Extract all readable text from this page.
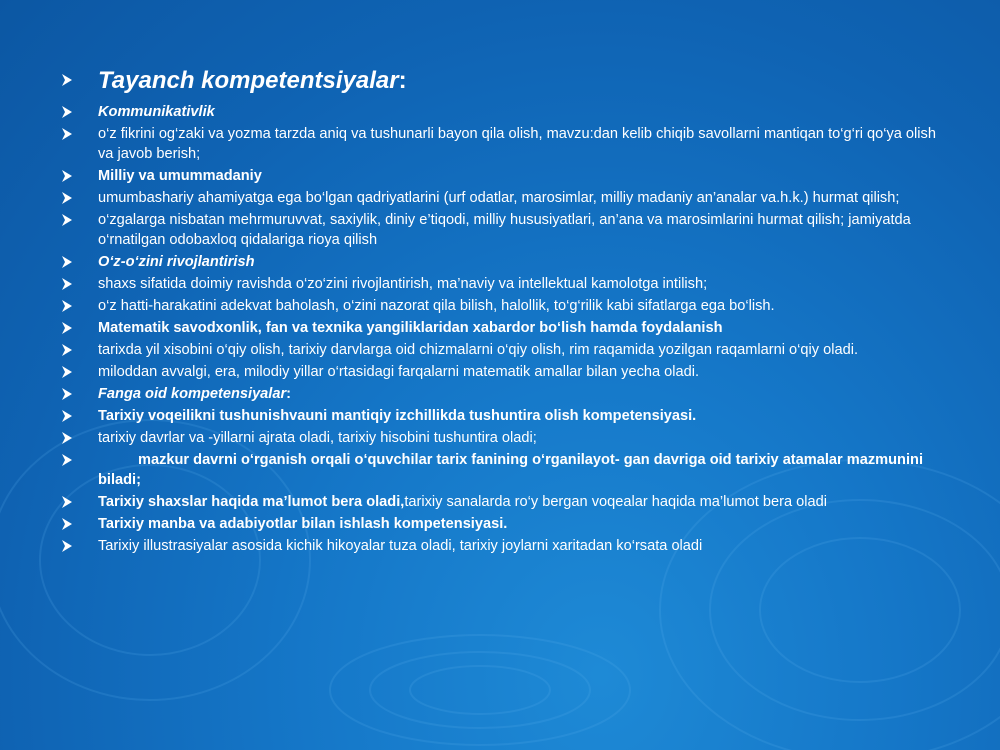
Tayanch kompetentsiyalar:
Kommunikativlik
o‘z fikrini og‘zaki va yozma tarzda aniq va tushunarli bayon qila olish, mavzu:dan kelib chiqib savollarni mantiqan to‘g‘ri qo‘ya olish va javob berish;
Milliy va umummadaniy
umumbashariy ahamiyatga ega bo‘lgan qadriyatlarini (urf odatlar, marosimlar, milliy madaniy an’analar va.h.k.) hurmat qilish;
o‘zgalarga nisbatan mehrmuruvvat, saxiylik, diniy e’tiqodi, milliy hususiyatlari, an’ana va marosimlarini hurmat qilish; jamiyatda o‘rnatilgan odobaxloq qidalariga rioya qilish
O‘z-o‘zini rivojlantirish
shaxs sifatida doimiy ravishda o‘zo‘zini rivojlantirish, ma’naviy va intellektual kamolotga intilish;
o‘z hatti-harakatini adekvat baholash, o‘zini nazorat qila bilish, halollik, to‘g‘rilik kabi sifatlarga ega bo‘lish.
Matematik savodxonlik, fan va texnika yangiliklaridan xabardor bo‘lish hamda foydalanish
tarixda yil xisobini o‘qiy olish, tarixiy darvlarga oid chizmalarni o‘qiy olish, rim raqamida yozilgan raqamlarni o‘qiy oladi.
miloddan avvalgi, era, milodiy yillar o‘rtasidagi farqalarni matematik amallar bilan yecha oladi.
Fanga oid kompetensiyalar:
Tarixiy voqeilikni tushunishvauni mantiqiy izchillikda tushuntira olish kompetensiyasi.
tarixiy davrlar va -yillarni ajrata oladi, tarixiy hisobini tushuntira oladi;
mazkur davrni o‘rganish orqali o‘quvchilar tarix fanining o‘rganilayot- gan davriga oid tarixiy atamalar mazmunini biladi;
Tarixiy shaxslar haqida ma’lumot bera oladi,tarixiy sanalarda ro‘y bergan voqealar haqida ma’lumot bera oladi
Tarixiy manba va adabiyotlar bilan ishlash kompetensiyasi.
Tarixiy illustrasiyalar asosida kichik hikoyalar tuza oladi, tarixiy joylarni xaritadan ko‘rsata oladi
